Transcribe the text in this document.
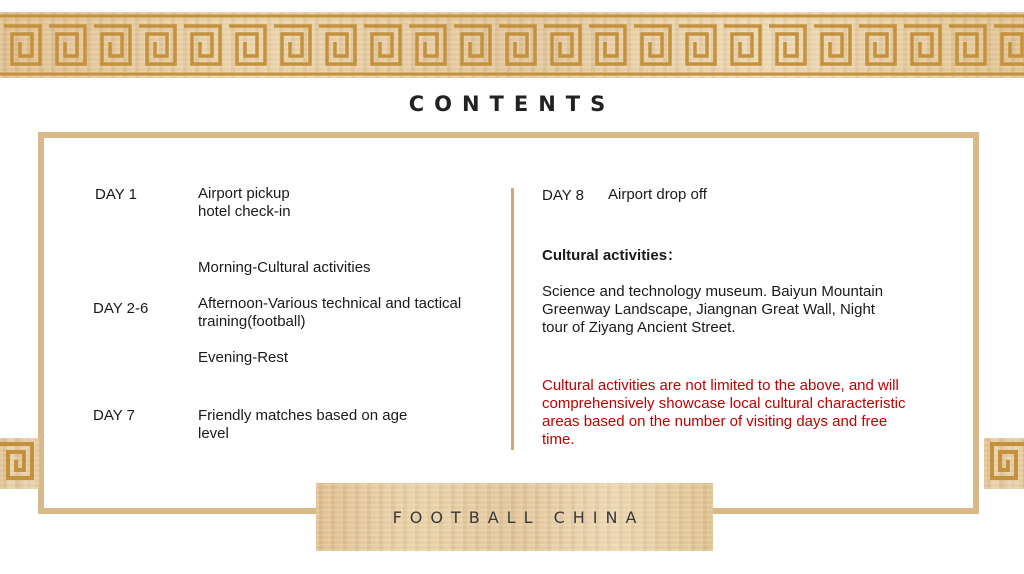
CONTENTS
DAY 1	Airport pickup
hotel check-in
Morning-Cultural activities
DAY 2-6	Afternoon-Various technical and tactical
training(football)
Evening-Rest
DAY 7	Friendly matches based on age
level
DAY 8 Airport drop off
Cultural activities：
Science and technology museum. Baiyun Mountain
Greenway Landscape, Jiangnan Great Wall, Night
tour of Ziyang Ancient Street.
Cultural activities are not limited to the above, and will
comprehensively showcase local cultural characteristic
areas based on the number of visiting days and free
time.
FOOTBALL CHINA
